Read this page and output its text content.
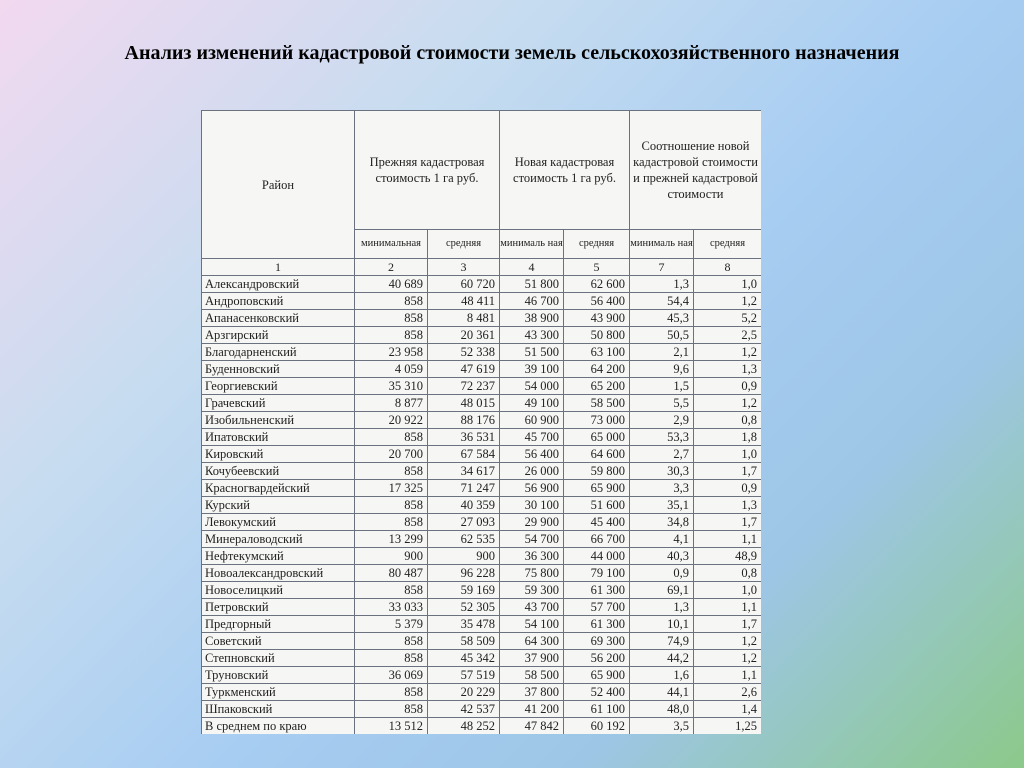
Анализ изменений кадастровой стоимости земель сельскохозяйственного назначения
Район	Прежняя кадастровая стоимость 1 га руб.		Новая кадастровая стоимость 1 га руб.		Соотношение новой кадастровой стоимости и прежней кадастровой стоимости	
	минимальная	средняя	минималь ная	средняя	минималь ная	средняя
1	2	3	4	5	7	8
Александровский	40 689	60 720	51 800	62 600	1,3	1,0
Андроповский	858	48 411	46 700	56 400	54,4	1,2
Апанасенковский	858	8 481	38 900	43 900	45,3	5,2
Арзгирский	858	20 361	43 300	50 800	50,5	2,5
Благодарненский	23 958	52 338	51 500	63 100	2,1	1,2
Буденновский	4 059	47 619	39 100	64 200	9,6	1,3
Георгиевский	35 310	72 237	54 000	65 200	1,5	0,9
Грачевский	8 877	48 015	49 100	58 500	5,5	1,2
Изобильненский	20 922	88 176	60 900	73 000	2,9	0,8
Ипатовский	858	36 531	45 700	65 000	53,3	1,8
Кировский	20 700	67 584	56 400	64 600	2,7	1,0
Кочубеевский	858	34 617	26 000	59 800	30,3	1,7
Красногвардейский	17 325	71 247	56 900	65 900	3,3	0,9
Курский	858	40 359	30 100	51 600	35,1	1,3
Левокумский	858	27 093	29 900	45 400	34,8	1,7
Минераловодский	13 299	62 535	54 700	66 700	4,1	1,1
Нефтекумский	900	900	36 300	44 000	40,3	48,9
Новоалександровский	80 487	96 228	75 800	79 100	0,9	0,8
Новоселицкий	858	59 169	59 300	61 300	69,1	1,0
Петровский	33 033	52 305	43 700	57 700	1,3	1,1
Предгорный	5 379	35 478	54 100	61 300	10,1	1,7
Советский	858	58 509	64 300	69 300	74,9	1,2
Степновский	858	45 342	37 900	56 200	44,2	1,2
Труновский	36 069	57 519	58 500	65 900	1,6	1,1
Туркменский	858	20 229	37 800	52 400	44,1	2,6
Шпаковский	858	42 537	41 200	61 100	48,0	1,4
В среднем по краю	13 512	48 252	47 842	60 192	3,5	1,25
